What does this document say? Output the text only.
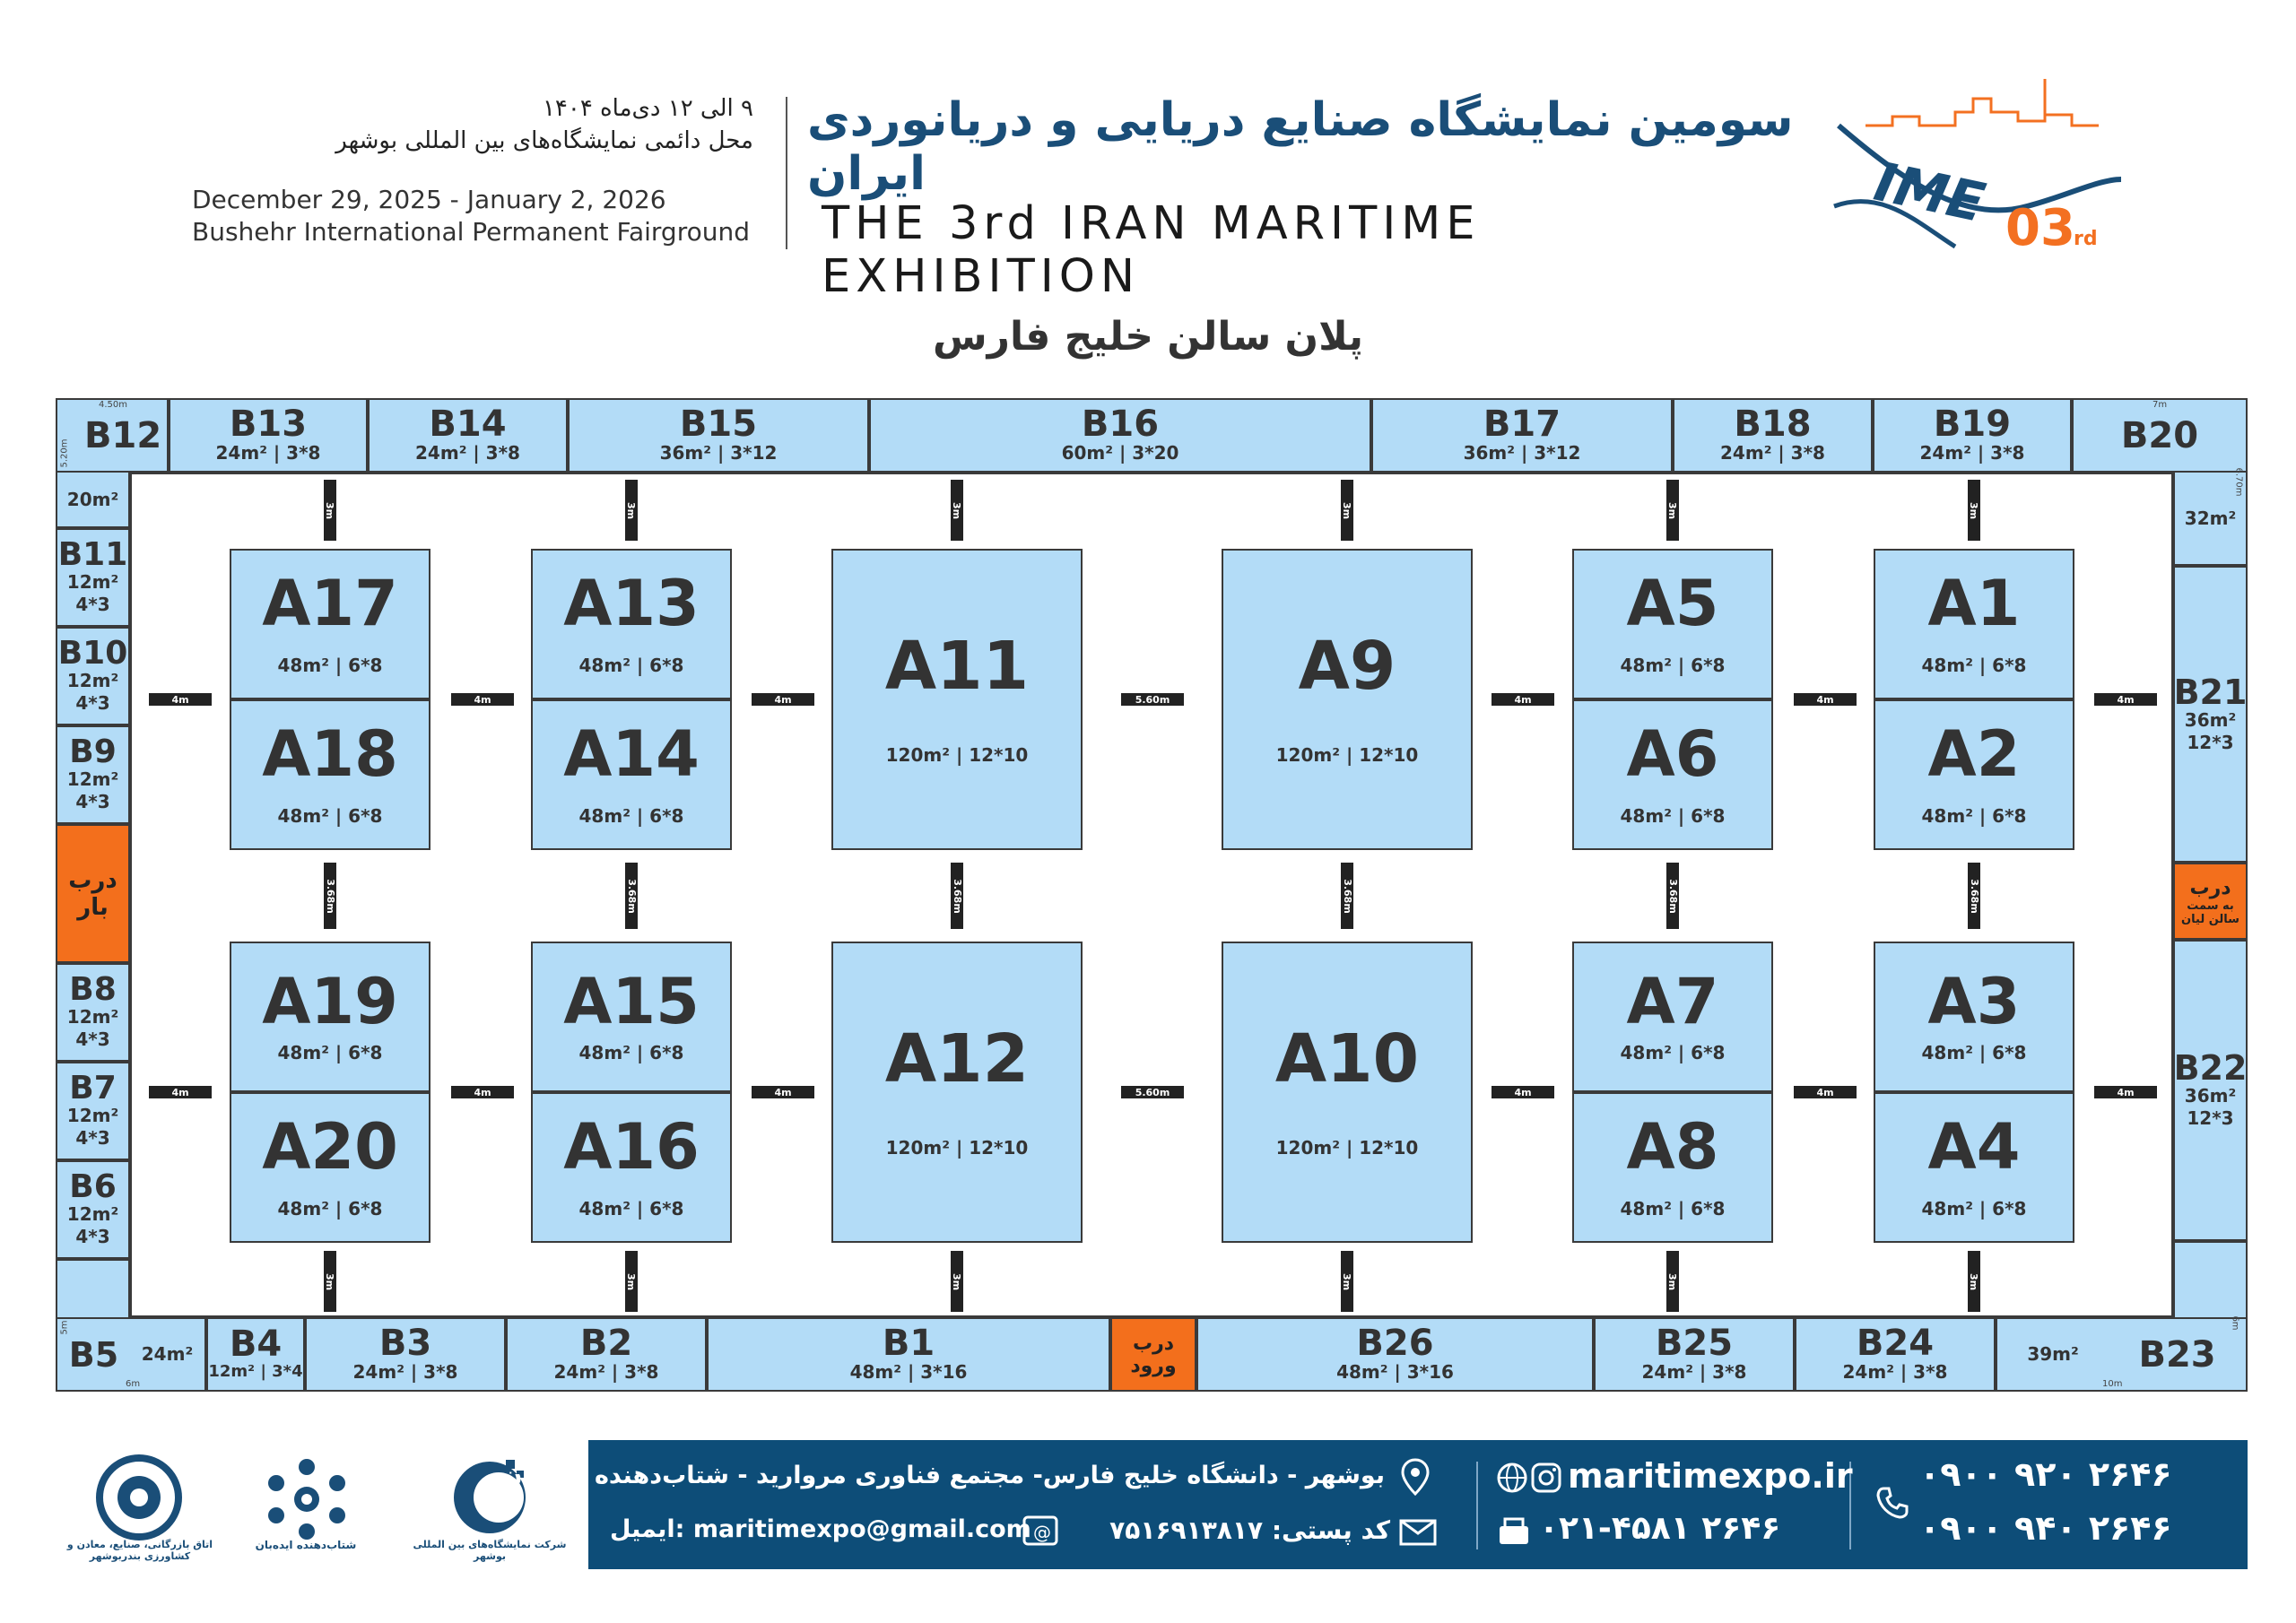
۹ الی ۱۲ دی‌ماه ۱۴۰۴
محل دائمی نمایشگاه‌های بین المللی بوشهر
December 29, 2025 - January 2, 2026
Bushehr International Permanent Fairground
سومین نمایشگاه صنایع دریایی و دریانوردی ایران
THE 3rd IRAN MARITIME EXHIBITION
IME 03
rd
پلان سالن خلیج فارس
B13
24m² | 3*8
B14
24m² | 3*8
B15
36m² | 3*12
B16
60m² | 3*20
B17
36m² | 3*12
B18
24m² | 3*8
B19
24m² | 3*8
B12
20m²
4.50m
5.20m	B20
32m²
7m
6.70m
B11
12m²
4*3
B10
12m²
4*3
B9
12m²
4*3
درب
بار
B8
12m²
4*3
B7
12m²
4*3
B6
12m²
4*3
B5 24m²
5m
6m
B21
36m²
12*3
درب
به سمت
سالن لیان
B22
36m²
12*3
39m² B23
6m
10m
B4
12m² | 3*4
B3
24m² | 3*8
B2
24m² | 3*8
B1
48m² | 3*16
درب
ورود
B26
48m² | 3*16
B25
24m² | 3*8
B24
24m² | 3*8
A17
48m² | 6*8
A18
48m² | 6*8
A13
48m² | 6*8
A14
48m² | 6*8
A11
120m² | 12*10
A9
120m² | 12*10
A5
48m² | 6*8
A6
48m² | 6*8
A1
48m² | 6*8
A2
48m² | 6*8
A19
48m² | 6*8
A20
48m² | 6*8
A15
48m² | 6*8
A16
48m² | 6*8
A12
120m² | 12*10
A10
120m² | 12*10
A7
48m² | 6*8
A8
48m² | 6*8
A3
48m² | 6*8
A4
48m² | 6*8
4m	4m	4m	5.60m	4m	4m	4m
4m	4m	4m	5.60m	4m	4m	4m
3m	3m	3m	3m	3m	3m
3.68m	3.68m	3.68m	3.68m	3.68m	3.68m
3m	3m	3m	3m	3m	3m
اتاق بازرگانی، صنایع، معادن و کشاورزی بندربوشهر
شتاب‌دهنده ایده‌بان	شرکت نمایشگاه‌های بین المللی بوشهر
بوشهر - دانشگاه خلیج فارس- مجتمع فناوری مروارید - شتاب‌دهنده ایده‌بان
کد پستی: ۷۵۱۶۹۱۳۸۱۷
ایمیل: maritimexpo@gmail.com @
maritimexpo.ir
۰۲۱-۴۵۸۱ ۲۶۴۶
۰۹۰۰ ۹۲۰ ۲۶۴۶
۰۹۰۰ ۹۴۰ ۲۶۴۶
